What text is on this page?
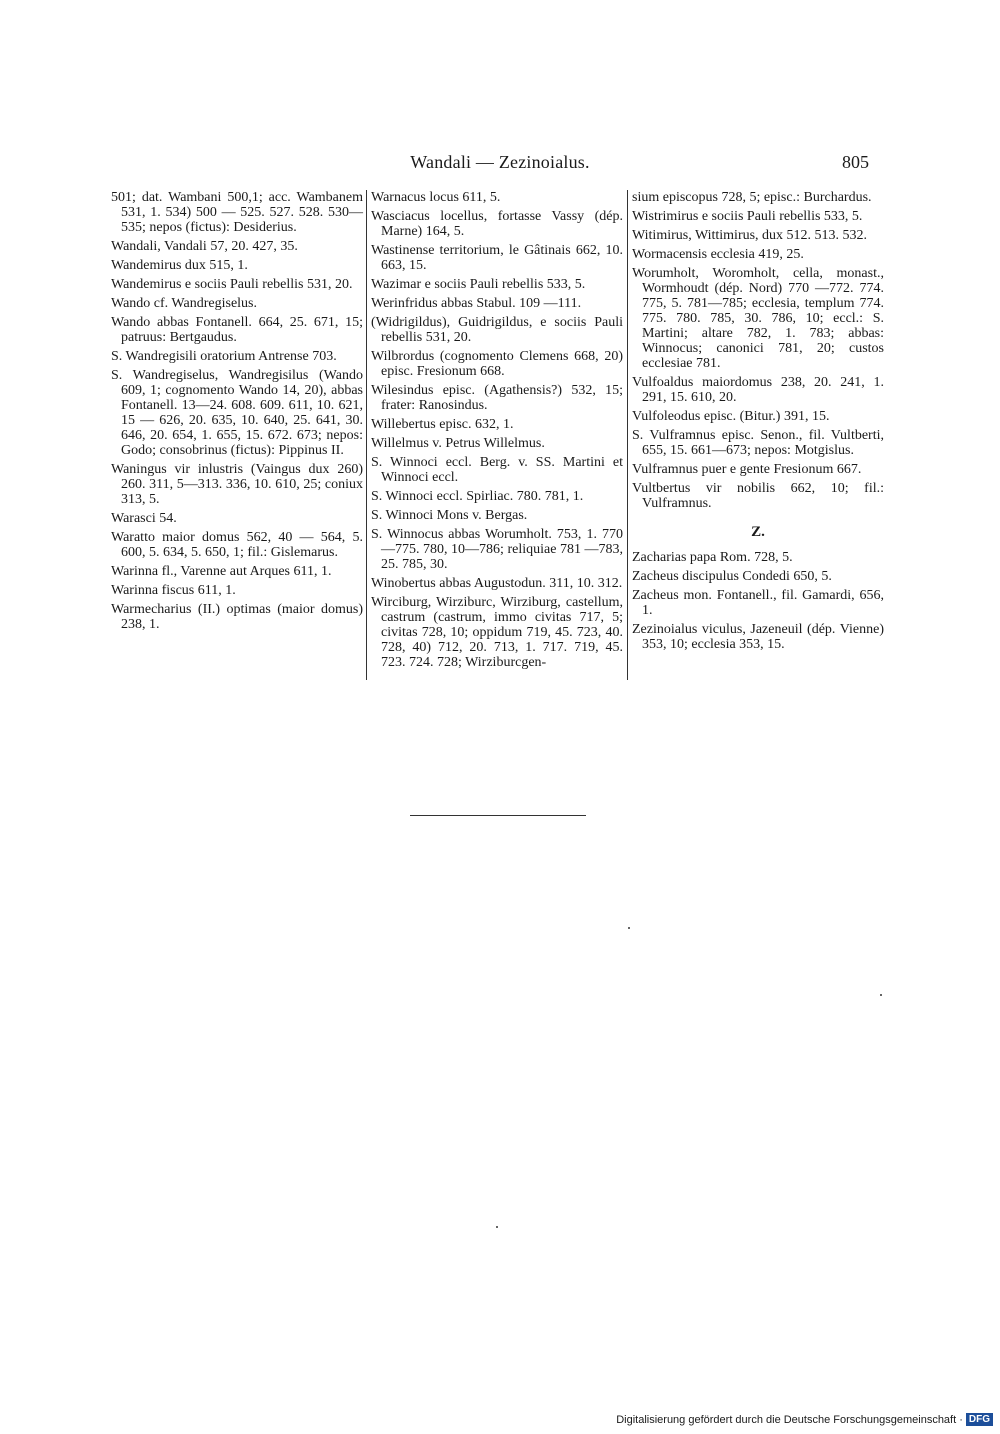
Wandali — Zezinoialus.	805

501; dat. Wambani 500,1; acc. Wambanem 531, 1. 534) 500 — 525. 527. 528. 530—535; nepos (fictus): Desiderius.

Wandali, Vandali 57, 20. 427, 35.

Wandemirus dux 515, 1.

Wandemirus e sociis Pauli rebellis 531, 20.

Wando cf. Wandregiselus.

Wando abbas Fontanell. 664, 25. 671, 15; patruus: Bertgaudus.

S. Wandregisili oratorium Antrense 703.

S. Wandregiselus, Wandregisilus (Wando 609, 1; cognomento Wando 14, 20), abbas Fontanell. 13—24. 608. 609. 611, 10. 621, 15 — 626, 20. 635, 10. 640, 25. 641, 30. 646, 20. 654, 1. 655, 15. 672. 673; nepos: Godo; consobrinus (fictus): Pippinus II.

Waningus vir inlustris (Vaingus dux 260) 260. 311, 5—313. 336, 10. 610, 25; coniux 313, 5.

Warasci 54.

Waratto maior domus 562, 40 — 564, 5. 600, 5. 634, 5. 650, 1; fil.: Gislemarus.

Warinna fl., Varenne aut Arques 611, 1.

Warinna fiscus 611, 1.

Warmecharius (II.) optimas (maior domus) 238, 1.

Warnacus locus 611, 5.

Wasciacus locellus, fortasse Vassy (dép. Marne) 164, 5.

Wastinense territorium, le Gâtinais 662, 10. 663, 15.

Wazimar e sociis Pauli rebellis 533, 5.

Werinfridus abbas Stabul. 109 —111.

(Widrigildus), Guidrigildus, e sociis Pauli rebellis 531, 20.

Wilbrordus (cognomento Clemens 668, 20) episc. Fresionum 668.

Wilesindus episc. (Agathensis?) 532, 15; frater: Ranosindus.

Willebertus episc. 632, 1.

Willelmus v. Petrus Willelmus.

S. Winnoci eccl. Berg. v. SS. Martini et Winnoci eccl.

S. Winnoci eccl. Spirliac. 780. 781, 1.

S. Winnoci Mons v. Bergas.

S. Winnocus abbas Worumholt. 753, 1. 770—775. 780, 10—786; reliquiae 781 —783, 25. 785, 30.

Winobertus abbas Augustodun. 311, 10. 312.

Wirciburg, Wirziburc, Wirziburg, castellum, castrum (castrum, immo civitas 717, 5; civitas 728, 10; oppidum 719, 45. 723, 40. 728, 40) 712, 20. 713, 1. 717. 719, 45. 723. 724. 728; Wirziburcgen-

sium episcopus 728, 5; episc.: Burchardus.

Wistrimirus e sociis Pauli rebellis 533, 5.

Witimirus, Wittimirus, dux 512. 513. 532.

Wormacensis ecclesia 419, 25.

Worumholt, Woromholt, cella, monast., Wormhoudt (dép. Nord) 770 —772. 774. 775, 5. 781—785; ecclesia, templum 774. 775. 780. 785, 30. 786, 10; eccl.: S. Martini; altare 782, 1. 783; abbas: Winnocus; canonici 781, 20; custos ecclesiae 781.

Vulfoaldus maiordomus 238, 20. 241, 1. 291, 15. 610, 20.

Vulfoleodus episc. (Bitur.) 391, 15.

S. Vulframnus episc. Senon., fil. Vultberti, 655, 15. 661—673; nepos: Motgislus.

Vulframnus puer e gente Fresionum 667.

Vultbertus vir nobilis 662, 10; fil.: Vulframnus.

Z.

Zacharias papa Rom. 728, 5.

Zacheus discipulus Condedi 650, 5.

Zacheus mon. Fontanell., fil. Gamardi, 656, 1.

Zezinoialus viculus, Jazeneuil (dép. Vienne) 353, 10; ecclesia 353, 15.

Digitalisierung gefördert durch die Deutsche Forschungsgemeinschaft · DFG
